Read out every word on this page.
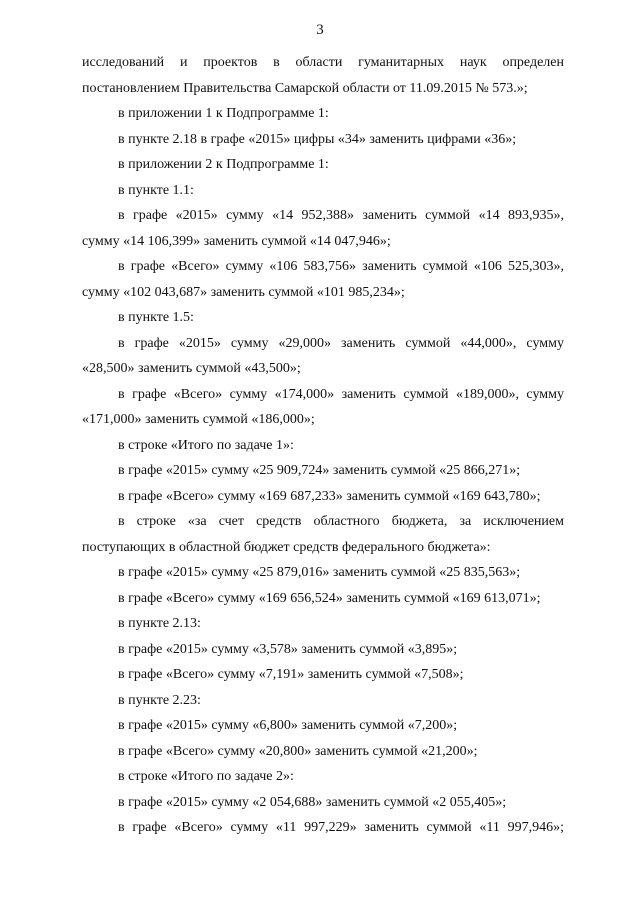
3
исследований и проектов в области гуманитарных наук определен
постановлением Правительства Самарской области от 11.09.2015 № 573.»;
в приложении 1 к Подпрограмме 1:
в пункте 2.18 в графе «2015» цифры «34» заменить цифрами «36»;
в приложении 2 к Подпрограмме 1:
в пункте 1.1:
в графе «2015» сумму «14 952,388» заменить суммой «14 893,935»,
сумму «14 106,399» заменить суммой «14 047,946»;
в графе «Всего» сумму «106 583,756» заменить суммой «106 525,303»,
сумму «102 043,687» заменить суммой «101 985,234»;
в пункте 1.5:
в графе «2015» сумму «29,000» заменить суммой «44,000», сумму
«28,500» заменить суммой «43,500»;
в графе «Всего» сумму «174,000» заменить суммой «189,000», сумму
«171,000» заменить суммой «186,000»;
в строке «Итого по задаче 1»:
в графе «2015» сумму «25 909,724» заменить суммой «25 866,271»;
в графе «Всего» сумму «169 687,233» заменить суммой «169 643,780»;
в строке «за счет средств областного бюджета, за исключением
поступающих в областной бюджет средств федерального бюджета»:
в графе «2015» сумму «25 879,016» заменить суммой «25 835,563»;
в графе «Всего» сумму «169 656,524» заменить суммой «169 613,071»;
в пункте 2.13:
в графе «2015» сумму «3,578» заменить суммой «3,895»;
в графе «Всего» сумму «7,191» заменить суммой «7,508»;
в пункте 2.23:
в графе «2015» сумму «6,800» заменить суммой «7,200»;
в графе «Всего» сумму «20,800» заменить суммой «21,200»;
в строке «Итого по задаче 2»:
в графе «2015» сумму «2 054,688» заменить суммой «2 055,405»;
в графе «Всего» сумму «11 997,229» заменить суммой «11 997,946»;
